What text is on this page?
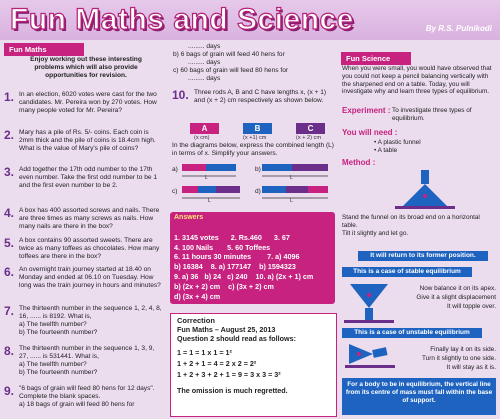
Fun Maths and Science	By R.S. Pulnikodi
Fun Maths
Enjoy working out these interesting problems which will also provide opportunities for revision.
1. In an election, 6020 votes were cast for the two candidates. Mr. Pereira won by 270 votes. How many people voted for Mr. Pereira?
2. Mary has a pile of Rs. 5/- coins. Each coin is 2mm thick and the pile of coins is 18.4cm high. What is the value of Mary's pile of coins?
3. Add together the 17th odd number to the 17th even number. Take the first odd number to be 1 and the first even number to be 2.
4. A box has 400 assorted screws and nails. There are three times as many screws as nails. How many nails are there in the box?
5. A box contains 90 assorted sweets. There are twice as many toffees as chocolates. How many toffees are there in the box?
6. An overnight train journey started at 18.40 on Monday and ended at 06.10 on Tuesday. How long was the train journey in hours and minutes?
7. The thirteenth number in the sequence 1, 2, 4, 8, 16, ...... is 8192. What is,
a) The twelfth number?
b) The fourteenth number?
8. The thirteenth number in the sequence 1, 3, 9, 27, ...... is 531441. What is,
a) The twelfth number?
b) The fourteenth number?
9. "6 bags of grain will feed 80 hens for 12 days". Complete the blank spaces.
a) 18 bags of grain will feed 80 hens for
......... days
b) 6 bags of grain will feed 40 hens for
......... days
c) 60 bags of grain will feed 80 hens for
......... days
10. Three rods A, B and C have lengths x, (x + 1) and (x + 2) cm respectively as shown below.
A	B	C
(x cm)	(x +1) cm	(x + 2) cm
In the diagrams below, express the combined length (L) in terms of x. Simplify your answers.
a)	b)
c)	d)
L	L
L	L
Answers

1. 3145 votes      2. Rs.460      3. 67
4. 100 Nails       5. 60 Toffees
6. 11 hours 30 minutes        7. a) 4096
b) 16384    8. a) 177147    b) 1594323
9. a) 36   b) 24   c) 240    10. a) (2x + 1) cm
b) (2x + 2) cm    c) (3x + 2) cm
d) (3x + 4) cm

Correction
Fun Maths – August 25, 2013
Question 2 should read as follows:
1 = 1 = 1 x 1 = 1²
1 + 2 + 1 = 4 = 2 x 2 = 2²
1 + 2 + 3 + 2 + 1 = 9 = 3 x 3 = 3²
The omission is much regretted.
Fun Science
When you were small, you would have observed that you could not keep a pencil balancing vertically with the sharpened end on a table. Today, you will investigate why and learn three types of equilibrium.
Experiment : To investigate three types of equilibrium.
You will need :
• A plastic funnel
• A table
Method :
Stand the funnel on its broad end on a horizontal table.
Tilt it slightly and let go.
It will return to its former position.
This is a case of stable equilibrium
Now balance it on its apex.
Give it a slight displacement
It will topple over.
This is a case of unstable equilibrium
Finally lay it on its side.
Turn it slightly to one side.
It will stay as it is.
For a body to be in equilibrium, the vertical line from its centre of mass must fall within the base of support.
